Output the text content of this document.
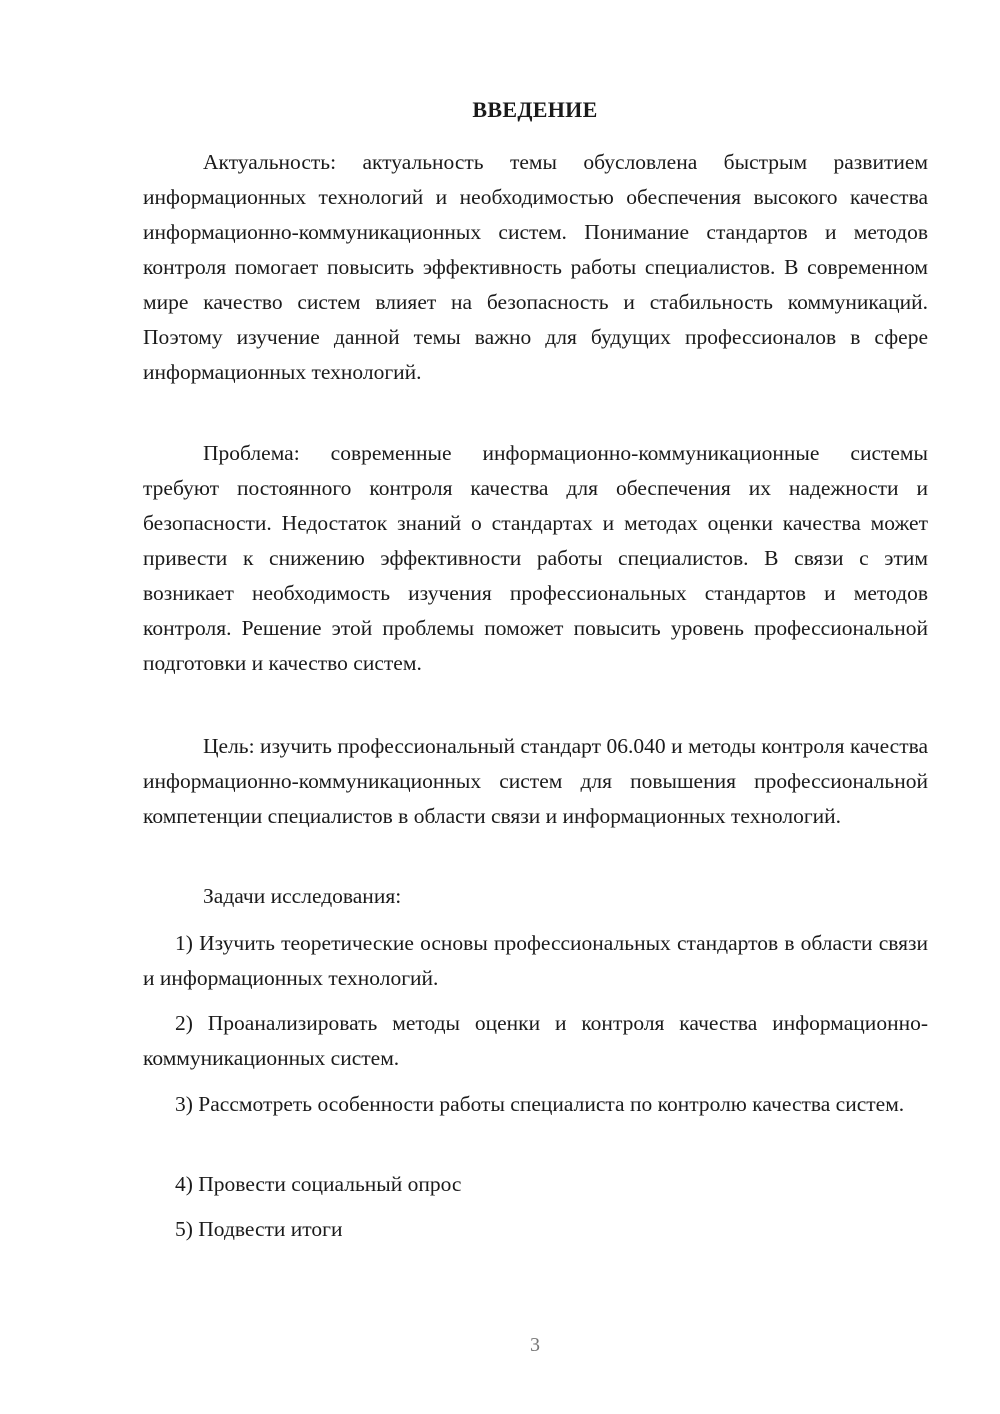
ВВЕДЕНИЕ

Актуальность: актуальность темы обусловлена быстрым развитием информационных технологий и необходимостью обеспечения высокого качества информационно-коммуникационных систем. Понимание стандартов и методов контроля помогает повысить эффективность работы специалистов. В современном мире качество систем влияет на безопасность и стабильность коммуникаций. Поэтому изучение данной темы важно для будущих профессионалов в сфере информационных технологий.

Проблема: современные информационно-коммуникационные системы требуют постоянного контроля качества для обеспечения их надежности и безопасности. Недостаток знаний о стандартах и методах оценки качества может привести к снижению эффективности работы специалистов. В связи с этим возникает необходимость изучения профессиональных стандартов и методов контроля. Решение этой проблемы поможет повысить уровень профессиональной подготовки и качество систем.

Цель: изучить профессиональный стандарт 06.040 и методы контроля качества информационно-коммуникационных систем для повышения профессиональной компетенции специалистов в области связи и информационных технологий.

Задачи исследования:

1) Изучить теоретические основы профессиональных стандартов в области связи и информационных технологий.

2) Проанализировать методы оценки и контроля качества информационно-коммуникационных систем.

3) Рассмотреть особенности работы специалиста по контролю качества систем.

4) Провести социальный опрос

5) Подвести итоги

3
